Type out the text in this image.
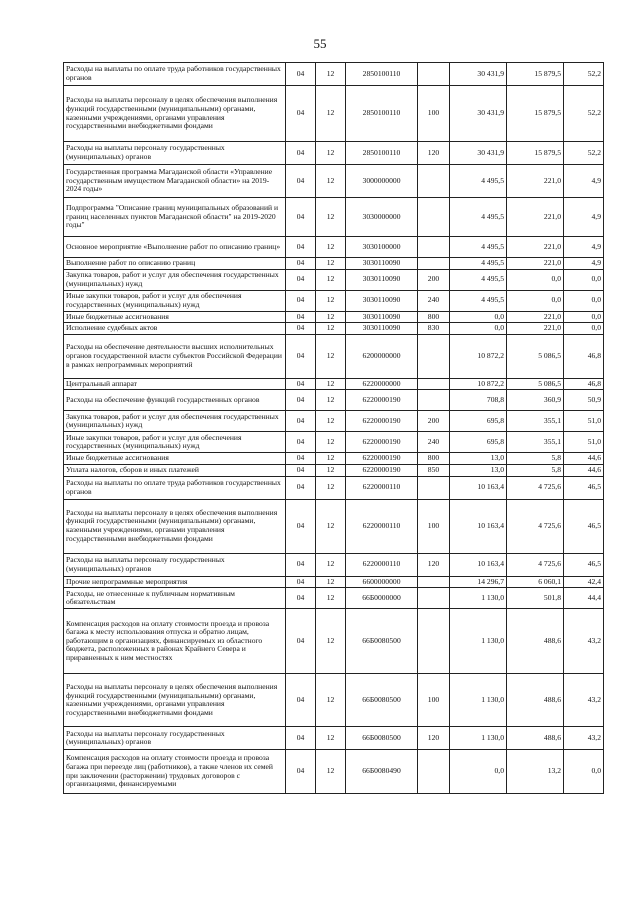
55
Расходы на выплаты по оплате труда работников государственных органов	04	12	2850100110		30 431,9	15 879,5	52,2
Расходы на выплаты персоналу в целях обеспечения выполнения функций государственными (муниципальными) органами, казенными учреждениями, органами управления государственными внебюджетными фондами	04	12	2850100110	100	30 431,9	15 879,5	52,2
Расходы на выплаты персоналу государственных (муниципальных) органов	04	12	2850100110	120	30 431,9	15 879,5	52,2
Государственная программа Магаданской области «Управление государственным имуществом Магаданской области» на 2019-2024 годы»	04	12	3000000000		4 495,5	221,0	4,9
Подпрограмма "Описание границ муниципальных образований и границ населенных пунктов Магаданской области" на 2019-2020 годы"	04	12	3030000000		4 495,5	221,0	4,9
Основное мероприятие «Выполнение работ по описанию границ»	04	12	3030100000		4 495,5	221,0	4,9
Выполнение работ по описанию границ	04	12	3030110090		4 495,5	221,0	4,9
Закупка товаров, работ и услуг для обеспечения государственных (муниципальных) нужд	04	12	3030110090	200	4 495,5	0,0	0,0
Иные закупки товаров, работ и услуг для обеспечения государственных (муниципальных) нужд	04	12	3030110090	240	4 495,5	0,0	0,0
Иные бюджетные ассигнования	04	12	3030110090	800	0,0	221,0	0,0
Исполнение судебных актов	04	12	3030110090	830	0,0	221,0	0,0
Расходы на обеспечение деятельности высших исполнительных органов государственной власти субъектов Российской Федерации в рамках непрограммных мероприятий	04	12	6200000000		10 872,2	5 086,5	46,8
Центральный аппарат	04	12	6220000000		10 872,2	5 086,5	46,8
Расходы на обеспечение функций государственных органов	04	12	6220000190		708,8	360,9	50,9
Закупка товаров, работ и услуг для обеспечения государственных (муниципальных) нужд	04	12	6220000190	200	695,8	355,1	51,0
Иные закупки товаров, работ и услуг для обеспечения государственных (муниципальных) нужд	04	12	6220000190	240	695,8	355,1	51,0
Иные бюджетные ассигнования	04	12	6220000190	800	13,0	5,8	44,6
Уплата налогов, сборов и иных платежей	04	12	6220000190	850	13,0	5,8	44,6
Расходы на выплаты по оплате труда работников государственных органов	04	12	6220000110		10 163,4	4 725,6	46,5
Расходы на выплаты персоналу в целях обеспечения выполнения функций государственными (муниципальными) органами, казенными учреждениями, органами управления государственными внебюджетными фондами	04	12	6220000110	100	10 163,4	4 725,6	46,5
Расходы на выплаты персоналу государственных (муниципальных) органов	04	12	6220000110	120	10 163,4	4 725,6	46,5
Прочие непрограммные мероприятия	04	12	6600000000		14 296,7	6 060,1	42,4
Расходы, не отнесенные к публичным нормативным обязательствам	04	12	66Б0000000		1 130,0	501,8	44,4
Компенсация расходов на оплату стоимости проезда и провоза багажа к месту использования отпуска и обратно лицам, работающим в организациях, финансируемых из областного бюджета, расположенных в районах Крайнего Севера и приравненных к ним местностях	04	12	66Б0080500		1 130,0	488,6	43,2
Расходы на выплаты персоналу в целях обеспечения выполнения функций государственными (муниципальными) органами, казенными учреждениями, органами управления государственными внебюджетными фондами	04	12	66Б0080500	100	1 130,0	488,6	43,2
Расходы на выплаты персоналу государственных (муниципальных) органов	04	12	66Б0080500	120	1 130,0	488,6	43,2
Компенсация расходов на оплату стоимости проезда и провоза багажа при переезде лиц (работников), а также членов их семей при заключении (расторжении) трудовых договоров с организациями, финансируемыми	04	12	66Б0080490		0,0	13,2	0,0
